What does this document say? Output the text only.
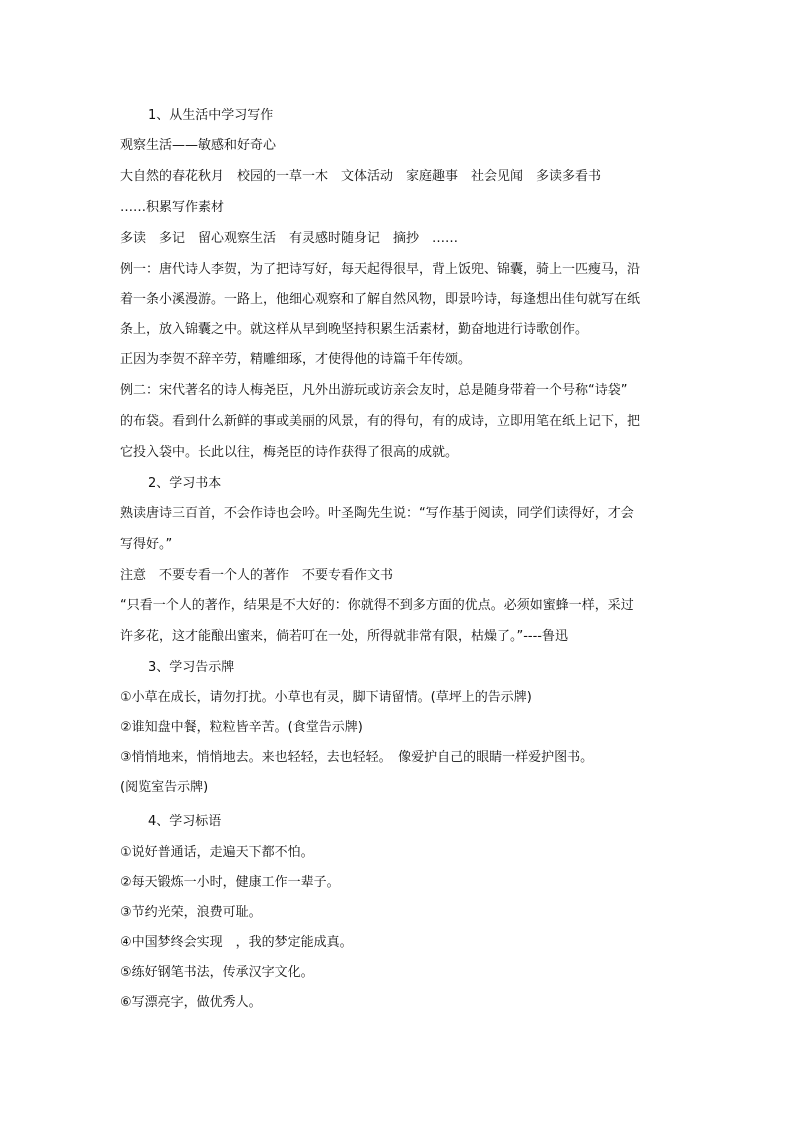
1、从生活中学习写作
观察生活——敏感和好奇心
大自然的春花秋月　校园的一草一木　文体活动　家庭趣事　社会见闻　多读多看书
……积累写作素材
多读　多记　留心观察生活　有灵感时随身记　摘抄　……
例一：唐代诗人李贺，为了把诗写好，每天起得很早，背上饭兜、锦囊，骑上一匹瘦马，沿
着一条小溪漫游。一路上，他细心观察和了解自然风物，即景吟诗，每逢想出佳句就写在纸
条上，放入锦囊之中。就这样从早到晚坚持积累生活素材，勤奋地进行诗歌创作。
正因为李贺不辞辛劳，精雕细琢，才使得他的诗篇千年传颂。
例二：宋代著名的诗人梅尧臣，凡外出游玩或访亲会友时，总是随身带着一个号称“诗袋”
的布袋。看到什么新鲜的事或美丽的风景，有的得句，有的成诗，立即用笔在纸上记下，把
它投入袋中。长此以往，梅尧臣的诗作获得了很高的成就。
2、学习书本
熟读唐诗三百首，不会作诗也会吟。叶圣陶先生说：“写作基于阅读，同学们读得好，才会
写得好。”
注意　不要专看一个人的著作　不要专看作文书
“只看一个人的著作，结果是不大好的：你就得不到多方面的优点。必须如蜜蜂一样，采过
许多花，这才能酿出蜜来，倘若叮在一处，所得就非常有限，枯燥了。”----鲁迅
3、学习告示牌
①小草在成长，请勿打扰。小草也有灵，脚下请留情。(草坪上的告示牌)
②谁知盘中餐，粒粒皆辛苦。(食堂告示牌)
③悄悄地来，悄悄地去。来也轻轻，去也轻轻。　像爱护自己的眼睛一样爱护图书。
(阅览室告示牌)
4、学习标语
①说好普通话，走遍天下都不怕。
②每天锻炼一小时，健康工作一辈子。
③节约光荣，浪费可耻。
④中国梦终会实现　，我的梦定能成真。
⑤练好钢笔书法，传承汉字文化。
⑥写漂亮字，做优秀人。
